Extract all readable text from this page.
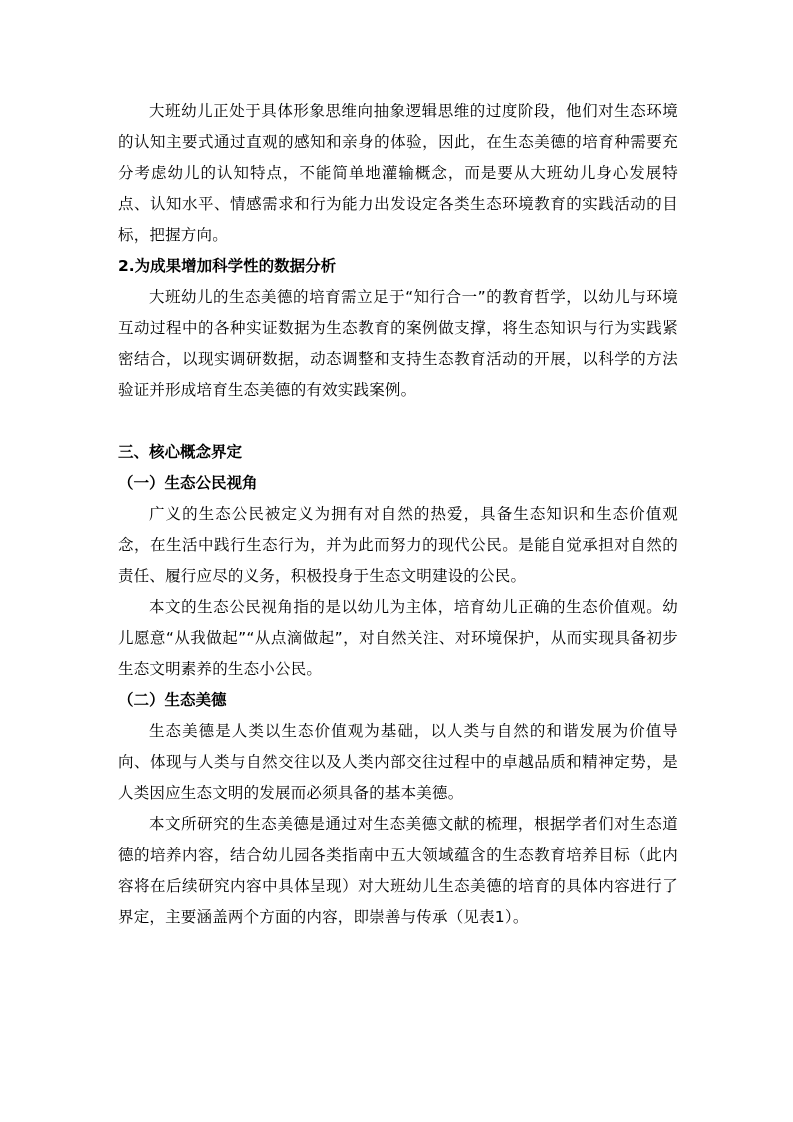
大班幼儿正处于具体形象思维向抽象逻辑思维的过度阶段，他们对生态环境的认知主要式通过直观的感知和亲身的体验，因此，在生态美德的培育种需要充分考虑幼儿的认知特点，不能简单地灌输概念，而是要从大班幼儿身心发展特点、认知水平、情感需求和行为能力出发设定各类生态环境教育的实践活动的目标，把握方向。

2.为成果增加科学性的数据分析

大班幼儿的生态美德的培育需立足于“知行合一”的教育哲学，以幼儿与环境互动过程中的各种实证数据为生态教育的案例做支撑，将生态知识与行为实践紧密结合，以现实调研数据，动态调整和支持生态教育活动的开展，以科学的方法验证并形成培育生态美德的有效实践案例。

三、核心概念界定
（一）生态公民视角

广义的生态公民被定义为拥有对自然的热爱，具备生态知识和生态价值观念，在生活中践行生态行为，并为此而努力的现代公民。是能自觉承担对自然的责任、履行应尽的义务，积极投身于生态文明建设的公民。

本文的生态公民视角指的是以幼儿为主体，培育幼儿正确的生态价值观。幼儿愿意“从我做起”“从点滴做起”，对自然关注、对环境保护，从而实现具备初步生态文明素养的生态小公民。

（二）生态美德

生态美德是人类以生态价值观为基础，以人类与自然的和谐发展为价值导向、体现与人类与自然交往以及人类内部交往过程中的卓越品质和精神定势，是人类因应生态文明的发展而必须具备的基本美德。

本文所研究的生态美德是通过对生态美德文献的梳理，根据学者们对生态道德的培养内容，结合幼儿园各类指南中五大领域蕴含的生态教育培养目标（此内容将在后续研究内容中具体呈现）对大班幼儿生态美德的培育的具体内容进行了界定，主要涵盖两个方面的内容，即崇善与传承（见表1）。
